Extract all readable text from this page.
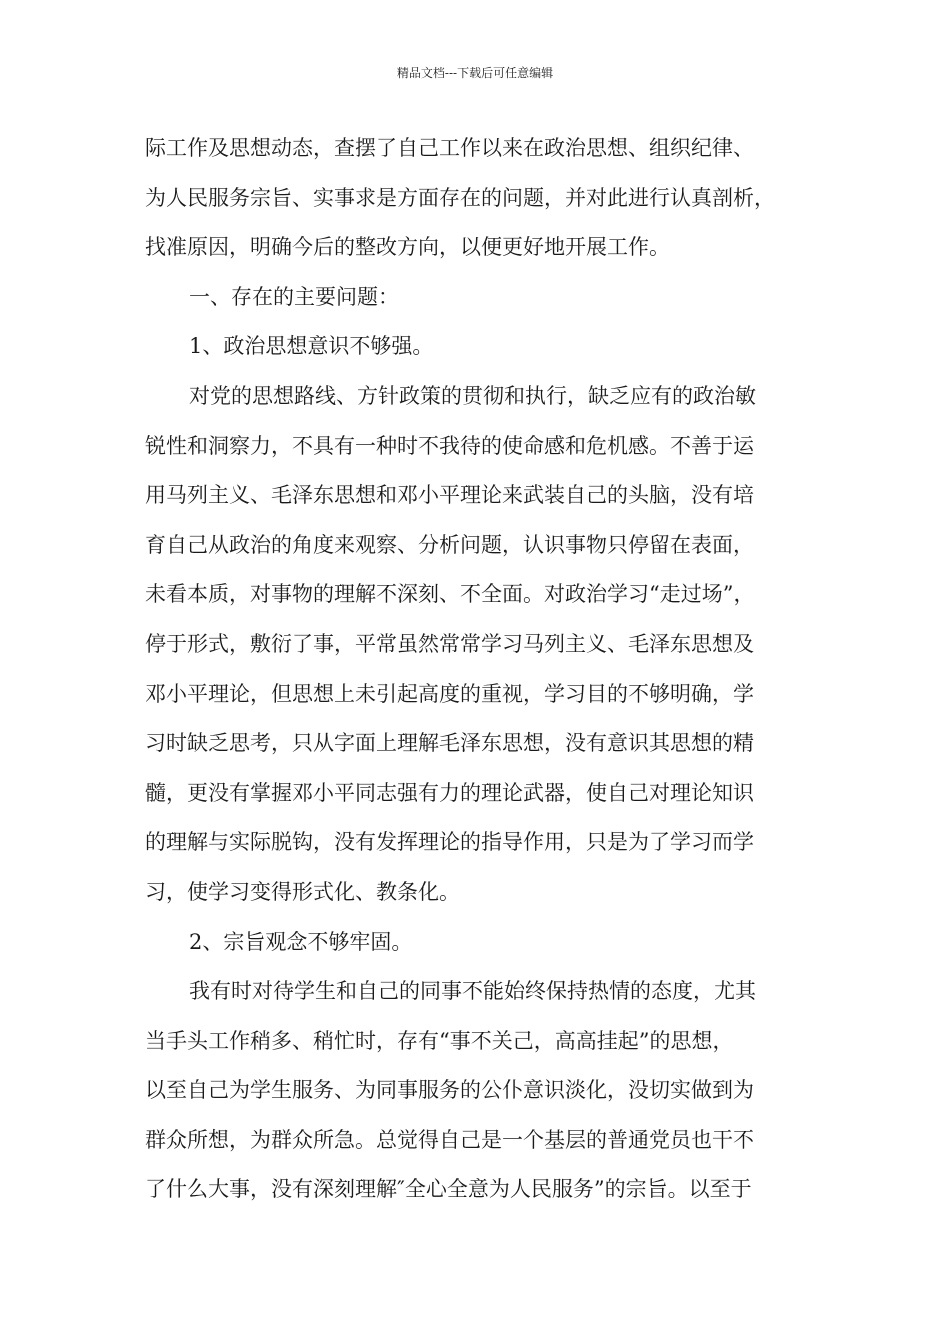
精品文档---下载后可任意编辑
际工作及思想动态，查摆了自己工作以来在政治思想、组织纪律、
为人民服务宗旨、实事求是方面存在的问题，并对此进行认真剖析，
找准原因，明确今后的整改方向，以便更好地开展工作。
一、存在的主要问题：
1、政治思想意识不够强。
对党的思想路线、方针政策的贯彻和执行，缺乏应有的政治敏
锐性和洞察力，不具有一种时不我待的使命感和危机感。不善于运
用马列主义、毛泽东思想和邓小平理论来武装自己的头脑，没有培
育自己从政治的角度来观察、分析问题，认识事物只停留在表面，
未看本质，对事物的理解不深刻、不全面。对政治学习“走过场”，
停于形式，敷衍了事，平常虽然常常学习马列主义、毛泽东思想及
邓小平理论，但思想上未引起高度的重视，学习目的不够明确，学
习时缺乏思考，只从字面上理解毛泽东思想，没有意识其思想的精
髓，更没有掌握邓小平同志强有力的理论武器，使自己对理论知识
的理解与实际脱钩，没有发挥理论的指导作用，只是为了学习而学
习，使学习变得形式化、教条化。
2、宗旨观念不够牢固。
我有时对待学生和自己的同事不能始终保持热情的态度，尤其
当手头工作稍多、稍忙时，存有“事不关己，高高挂起”的思想，
以至自己为学生服务、为同事服务的公仆意识淡化，没切实做到为
群众所想，为群众所急。总觉得自己是一个基层的普通党员也干不
了什么大事，没有深刻理解″全心全意为人民服务”的宗旨。以至于
